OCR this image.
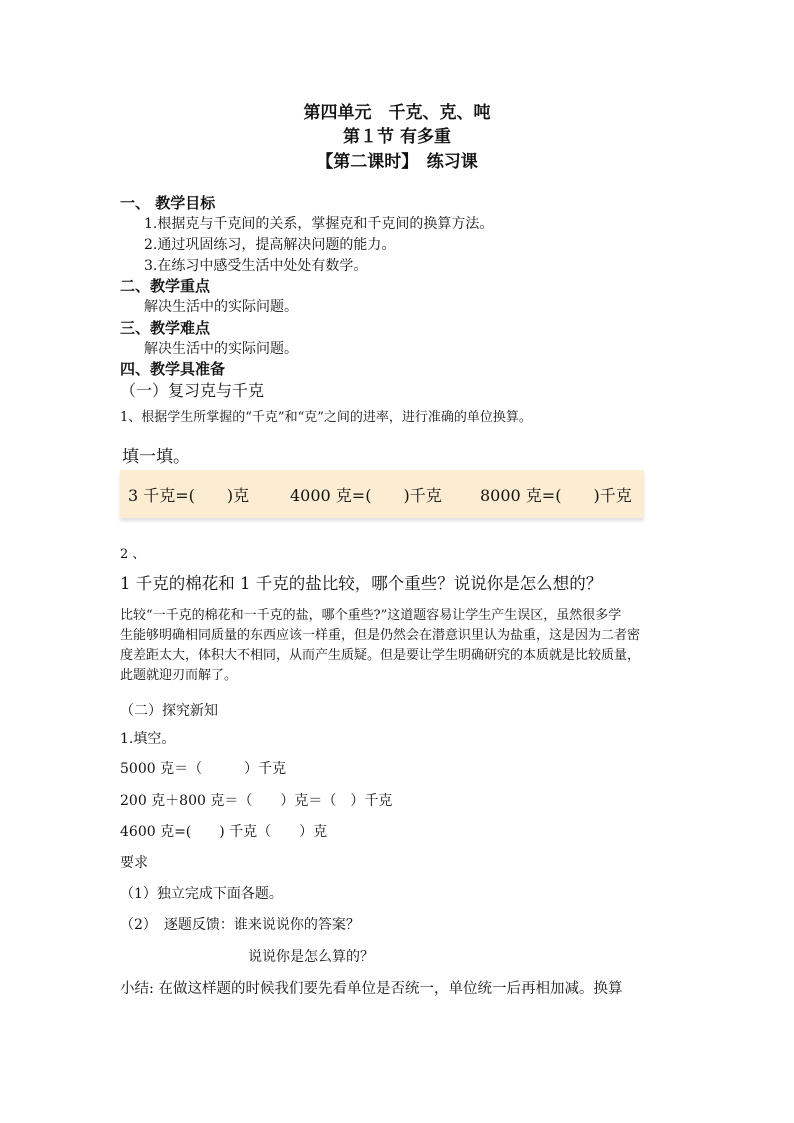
第四单元　千克、克、吨
第１节 有多重
【第二课时】　练习课
一、 教学目标
1.根据克与千克间的关系，掌握克和千克间的换算方法。
2.通过巩固练习，提高解决问题的能力。
3.在练习中感受生活中处处有数学。
二、教学重点
解决生活中的实际问题。
三、教学难点
解决生活中的实际问题。
四、教学具准备
（一）复习克与千克
1、根据学生所掌握的“千克”和“克”之间的进率，进行准确的单位换算。
填一填。
3 千克=(　　)克	4000 克=(　　)千克 8000 克=(　　)千克
2 、
1 千克的棉花和 1 千克的盐比较，哪个重些？说说你是怎么想的？
比较“一千克的棉花和一千克的盐，哪个重些?”这道题容易让学生产生误区，虽然很多学
生能够明确相同质量的东西应该一样重，但是仍然会在潜意识里认为盐重，这是因为二者密
度差距太大，体积大不相同，从而产生质疑。但是要让学生明确研究的本质就是比较质量，
此题就迎刃而解了。
（二）探究新知
1.填空。
5000 克＝（　　　）千克
200 克＋800 克＝（　　）克＝（　）千克
4600 克=(　　) 千克（　　）克
要求
（1）独立完成下面各题。
（2）　逐题反馈：谁来说说你的答案？
说说你是怎么算的？
小结: 在做这样题的时候我们要先看单位是否统一，单位统一后再相加减。换算
